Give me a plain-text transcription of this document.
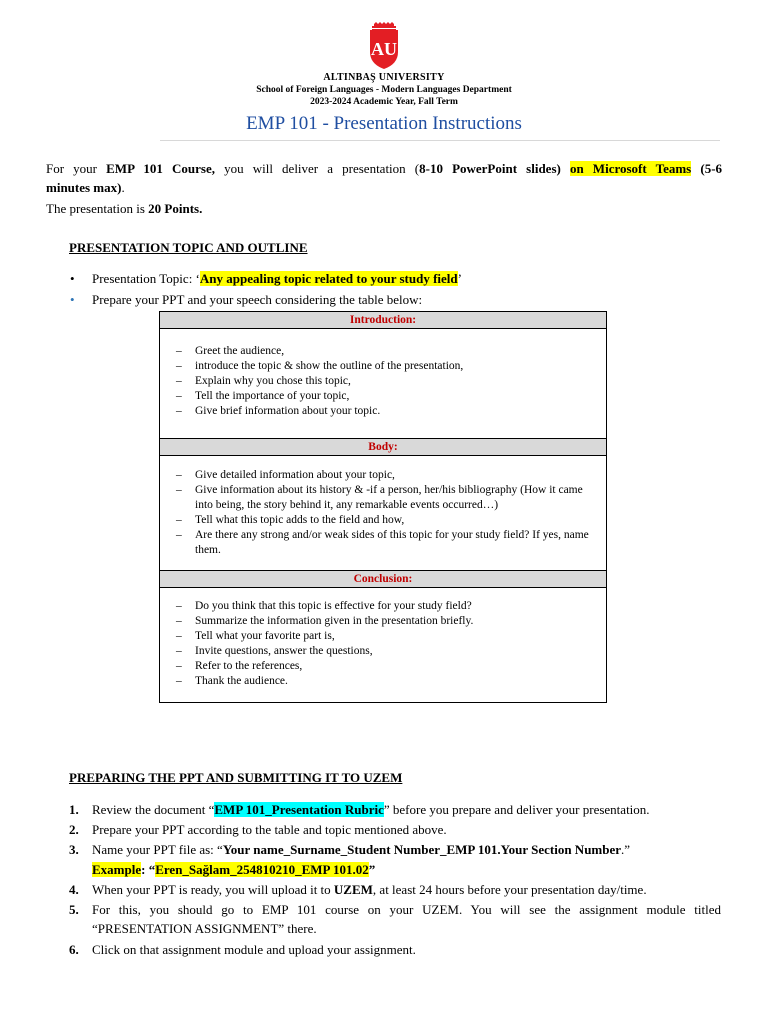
AU
ALTINBAŞ UNIVERSITY
School of Foreign Languages - Modern Languages Department
2023-2024 Academic Year, Fall Term
EMP 101 - Presentation Instructions
For your EMP 101 Course, you will deliver a presentation (8-10 PowerPoint slides) on Microsoft Teams (5-6
minutes max).
The presentation is 20 Points.
PRESENTATION TOPIC AND OUTLINE
• Presentation Topic: ‘Any appealing topic related to your study field’
• Prepare your PPT and your speech considering the table below:
Introduction:
– Greet the audience,
– introduce the topic & show the outline of the presentation,
– Explain why you chose this topic,
– Tell the importance of your topic,
– Give brief information about your topic.
Body:
– Give detailed information about your topic,
– Give information about its history & -if a person, her/his bibliography (How it came into being, the story behind it, any remarkable events occurred…)
– Tell what this topic adds to the field and how,
– Are there any strong and/or weak sides of this topic for your study field? If yes, name them.
Conclusion:
– Do you think that this topic is effective for your study field?
– Summarize the information given in the presentation briefly.
– Tell what your favorite part is,
– Invite questions, answer the questions,
– Refer to the references,
– Thank the audience.
PREPARING THE PPT AND SUBMITTING IT TO UZEM
1. Review the document “EMP 101_Presentation Rubric” before you prepare and deliver your presentation.
2. Prepare your PPT according to the table and topic mentioned above.
3. Name your PPT file as: “Your name_Surname_Student Number_EMP 101.Your Section Number.”
Example: “Eren_Sağlam_254810210_EMP 101.02”
4. When your PPT is ready, you will upload it to UZEM, at least 24 hours before your presentation day/time.
5. For this, you should go to EMP 101 course on your UZEM. You will see the assignment module titled
“PRESENTATION ASSIGNMENT” there.
6. Click on that assignment module and upload your assignment.
